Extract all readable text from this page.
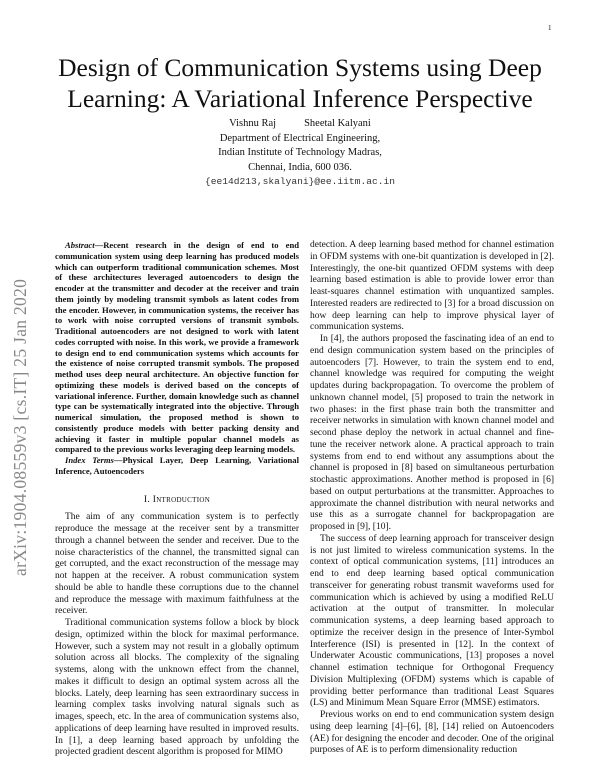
1
arXiv:1904.08559v3 [cs.IT] 25 Jan 2020
Design of Communication Systems using Deep Learning: A Variational Inference Perspective
Vishnu Raj	Sheetal Kalyani
Department of Electrical Engineering,
Indian Institute of Technology Madras,
Chennai, India, 600 036.
{ee14d213,skalyani}@ee.iitm.ac.in

Abstract—Recent research in the design of end to end communication system using deep learning has produced models which can outperform traditional communication schemes. Most of these architectures leveraged autoencoders to design the encoder at the transmitter and decoder at the receiver and train them jointly by modeling transmit symbols as latent codes from the encoder. However, in communication systems, the receiver has to work with noise corrupted versions of transmit symbols. Traditional autoencoders are not designed to work with latent codes corrupted with noise. In this work, we provide a framework to design end to end communication systems which accounts for the existence of noise corrupted transmit symbols. The proposed method uses deep neural architecture. An objective function for optimizing these models is derived based on the concepts of variational inference. Further, domain knowledge such as channel type can be systematically integrated into the objective. Through numerical simulation, the proposed method is shown to consistently produce models with better packing density and achieving it faster in multiple popular channel models as compared to the previous works leveraging deep learning models.

Index Terms—Physical Layer, Deep Learning, Variational Inference, Autoencoders

I. Introduction

The aim of any communication system is to perfectly reproduce the message at the receiver sent by a transmitter through a channel between the sender and receiver. Due to the noise characteristics of the channel, the transmitted signal can get corrupted, and the exact reconstruction of the message may not happen at the receiver. A robust communication system should be able to handle these corruptions due to the channel and reproduce the message with maximum faithfulness at the receiver.

Traditional communication systems follow a block by block design, optimized within the block for maximal performance. However, such a system may not result in a globally optimum solution across all blocks. The complexity of the signaling systems, along with the unknown effect from the channel, makes it difficult to design an optimal system across all the blocks. Lately, deep learning has seen extraordinary success in learning complex tasks involving natural signals such as images, speech, etc. In the area of communication systems also, applications of deep learning have resulted in improved results. In [1], a deep learning based approach by unfolding the projected gradient descent algorithm is proposed for MIMO

detection. A deep learning based method for channel estimation in OFDM systems with one-bit quantization is developed in [2]. Interestingly, the one-bit quantized OFDM systems with deep learning based estimation is able to provide lower error than least-squares channel estimation with unquantized samples. Interested readers are redirected to [3] for a broad discussion on how deep learning can help to improve physical layer of communication systems.

In [4], the authors proposed the fascinating idea of an end to end design communication system based on the principles of autoencoders [7]. However, to train the system end to end, channel knowledge was required for computing the weight updates during backpropagation. To overcome the problem of unknown channel model, [5] proposed to train the network in two phases: in the first phase train both the transmitter and receiver networks in simulation with known channel model and second phase deploy the network in actual channel and fine-tune the receiver network alone. A practical approach to train systems from end to end without any assumptions about the channel is proposed in [8] based on simultaneous perturbation stochastic approximations. Another method is proposed in [6] based on output perturbations at the transmitter. Approaches to approximate the channel distribution with neural networks and use this as a surrogate channel for backpropagation are proposed in [9], [10].

The success of deep learning approach for transceiver design is not just limited to wireless communication systems. In the context of optical communication systems, [11] introduces an end to end deep learning based optical communication transceiver for generating robust transmit waveforms used for communication which is achieved by using a modified ReLU activation at the output of transmitter. In molecular communication systems, a deep learning based approach to optimize the receiver design in the presence of Inter-Symbol Interference (ISI) is presented in [12]. In the context of Underwater Acoustic communications, [13] proposes a novel channel estimation technique for Orthogonal Frequency Division Multiplexing (OFDM) systems which is capable of providing better performance than traditional Least Squares (LS) and Minimum Mean Square Error (MMSE) estimators.

Previous works on end to end communication system design using deep learning [4]–[6], [8], [14] relied on Autoencoders (AE) for designing the encoder and decoder. One of the original purposes of AE is to perform dimensionality reduction
